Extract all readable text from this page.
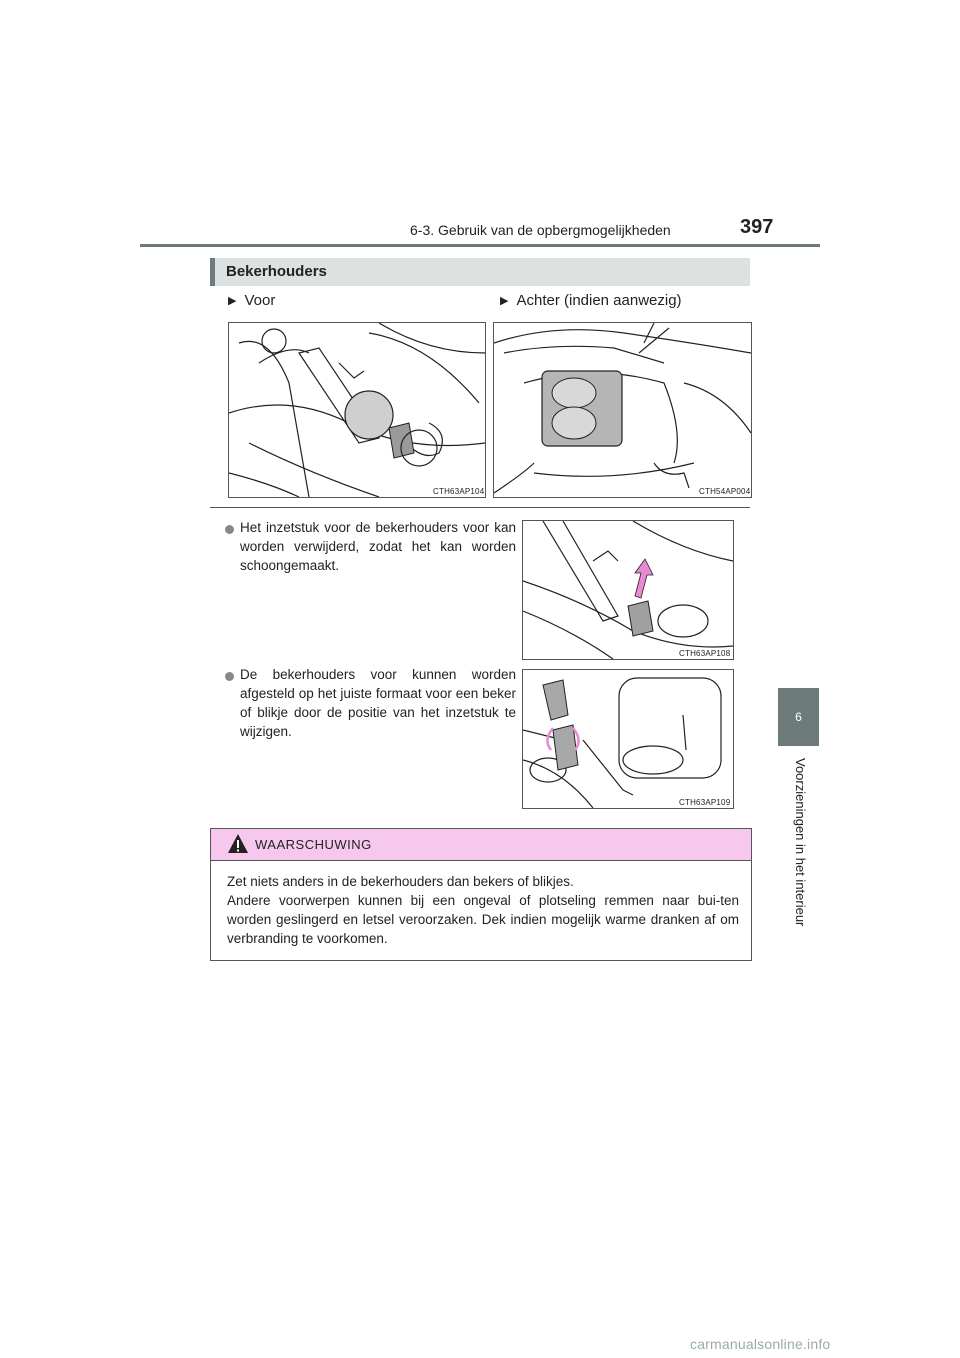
6-3. Gebruik van de opbergmogelijkheden	397
6
Voorzieningen in het interieur
Bekerhouders
▶ Voor	▶ Achter (indien aanwezig)
CTH63AP104	CTH54AP004
Het inzetstuk voor de bekerhouders voor kan worden verwijderd, zodat het kan worden schoongemaakt.
CTH63AP108
De bekerhouders voor kunnen worden afgesteld op het juiste formaat voor een beker of blikje door de positie van het inzetstuk te wijzigen.
CTH63AP109
WAARSCHUWING
Zet niets anders in de bekerhouders dan bekers of blikjes.
Andere voorwerpen kunnen bij een ongeval of plotseling remmen naar bui-ten worden geslingerd en letsel veroorzaken. Dek indien mogelijk warme dranken af om verbranding te voorkomen.
carmanualsonline.info
